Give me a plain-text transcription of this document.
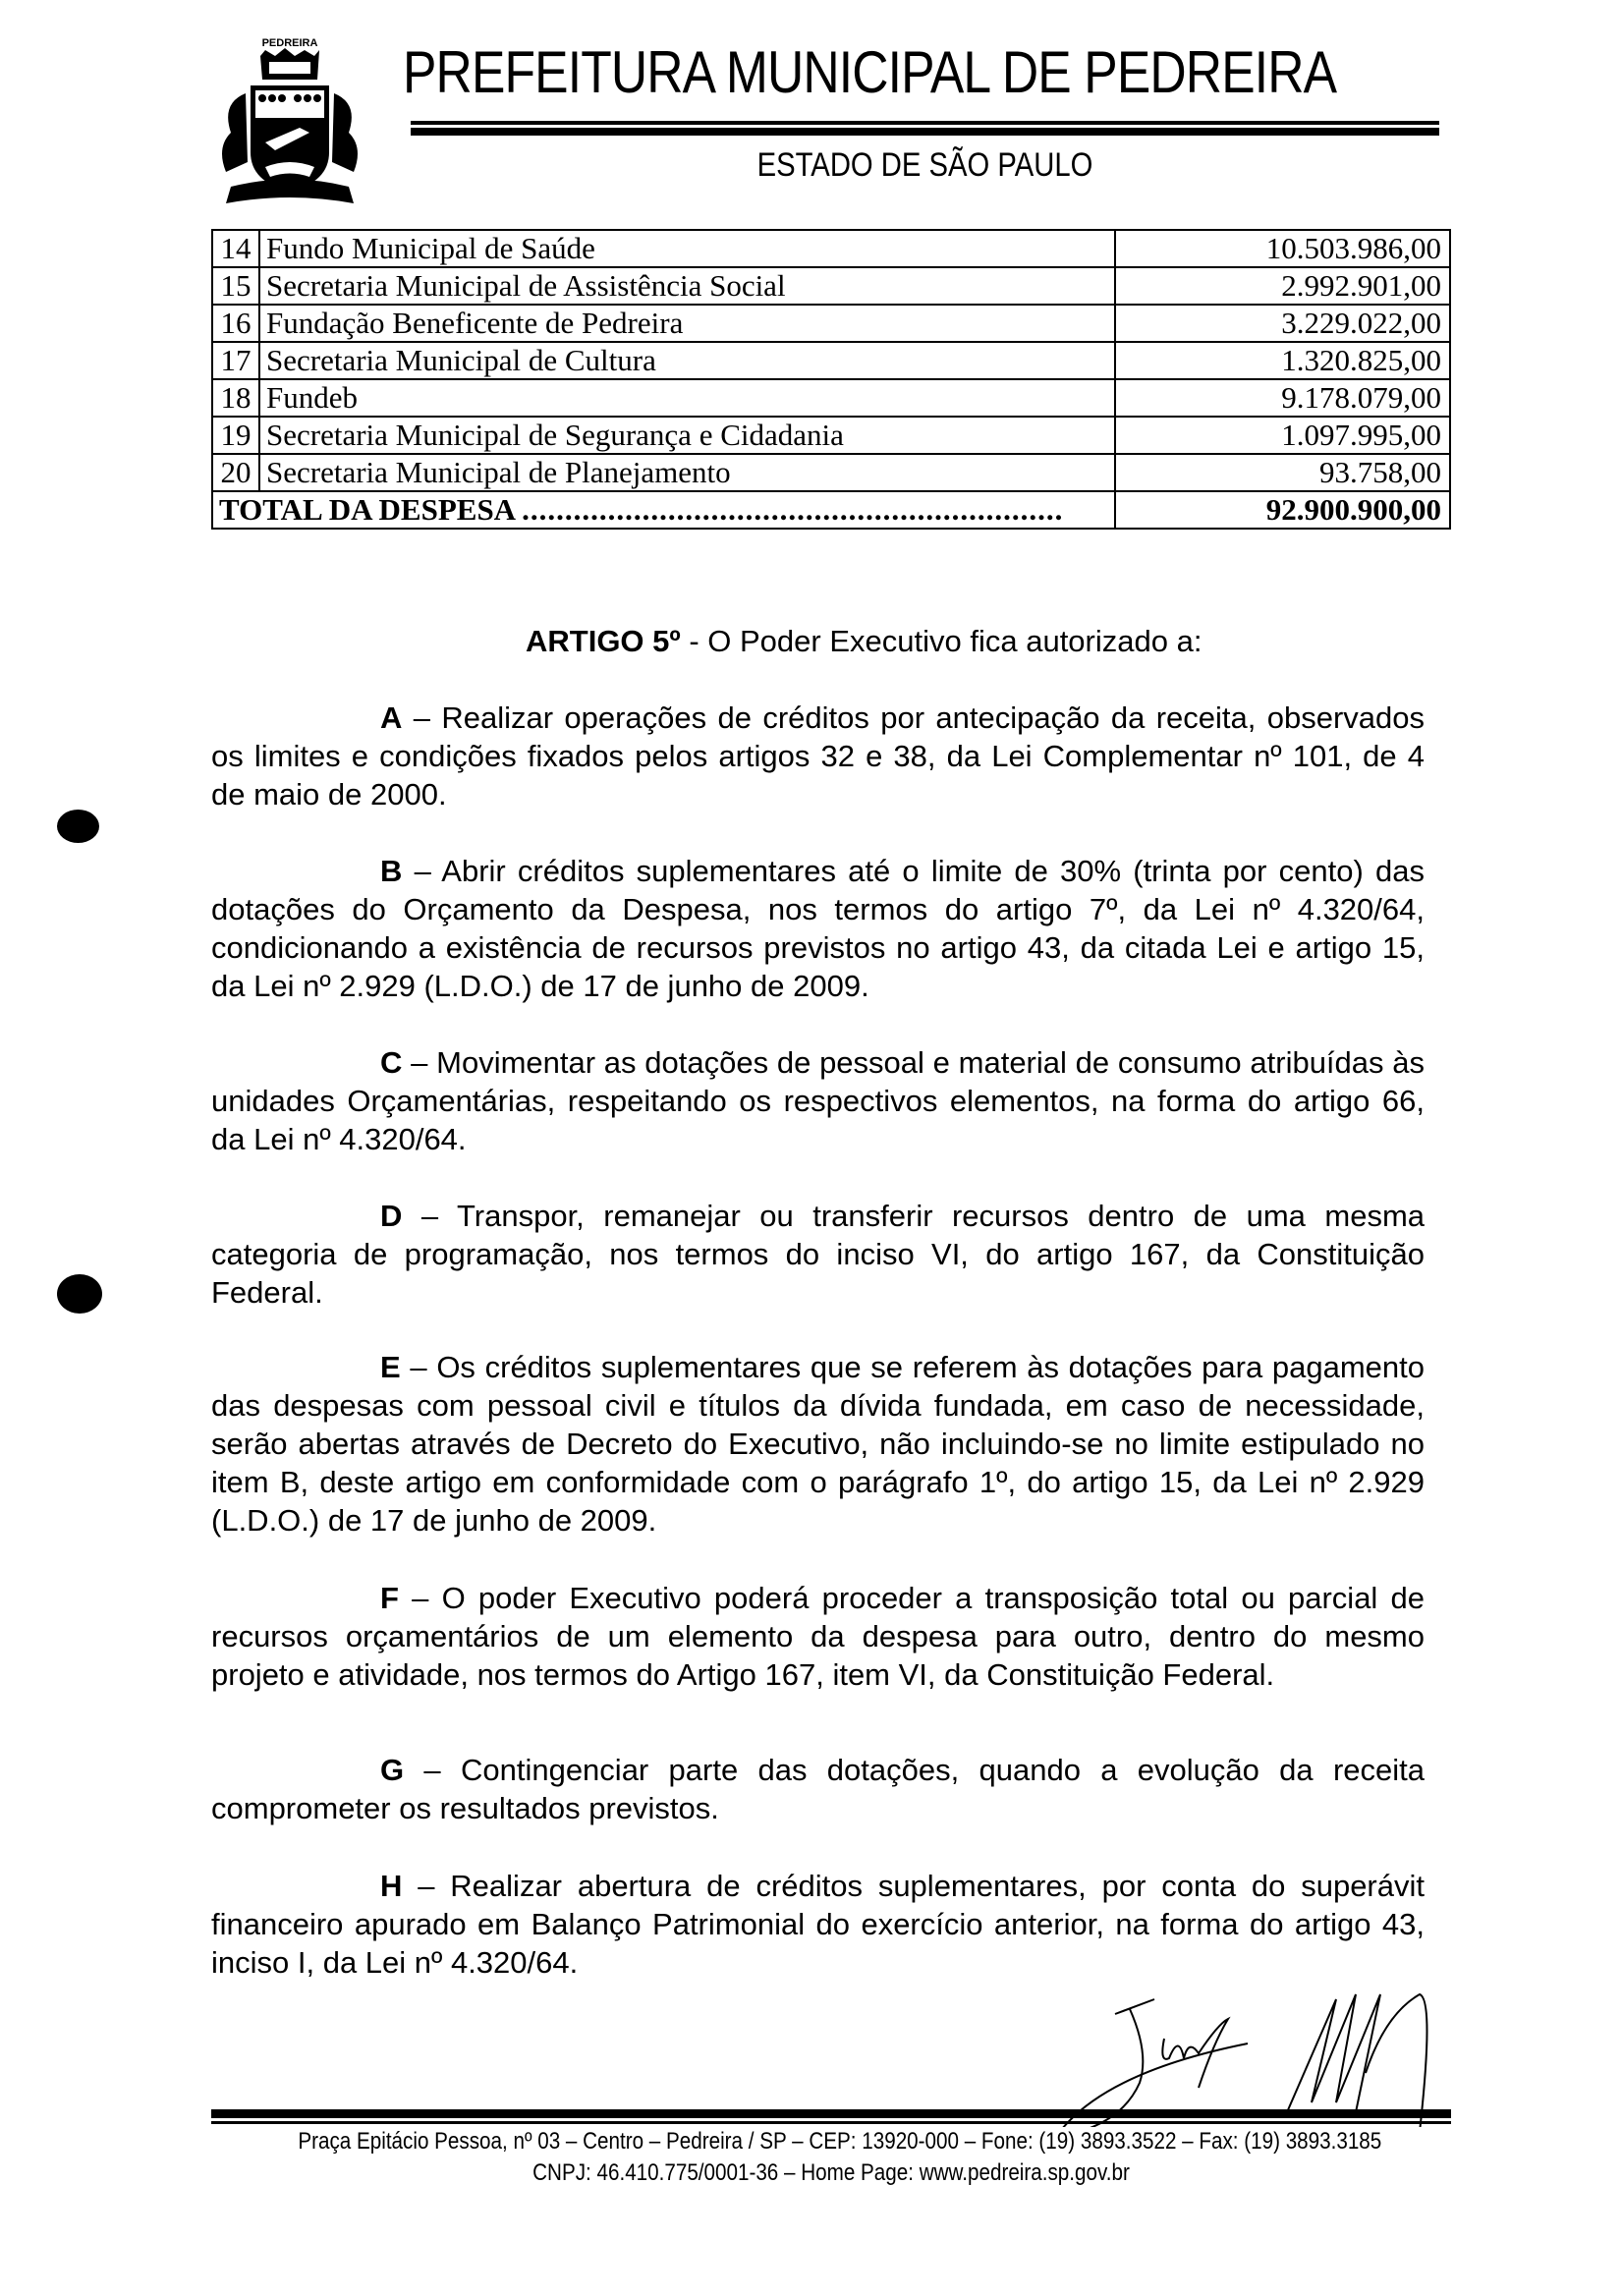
PEDREIRA PREFEITURA MUNICIPAL DE PEDREIRA
ESTADO DE SÃO PAULO
14	Fundo Municipal de Saúde	10.503.986,00
15	Secretaria Municipal de Assistência Social	2.992.901,00
16	Fundação Beneficente de Pedreira	3.229.022,00
17	Secretaria Municipal de Cultura	1.320.825,00
18	Fundeb	9.178.079,00
19	Secretaria Municipal de Segurança e Cidadania	1.097.995,00
20	Secretaria Municipal de Planejamento	93.758,00
TOTAL DA DESPESA ...............................................................		92.900.900,00
ARTIGO 5º - O Poder Executivo fica autorizado a:

A – Realizar operações de créditos por antecipação da receita, observados os limites e condições fixados pelos artigos 32 e 38, da Lei Complementar nº 101, de 4 de maio de 2000.

B – Abrir créditos suplementares até o limite de 30% (trinta por cento) das dotações do Orçamento da Despesa, nos termos do artigo 7º, da Lei nº 4.320/64, condicionando a existência de recursos previstos no artigo 43, da citada Lei e artigo 15, da Lei nº 2.929 (L.D.O.) de 17 de junho de 2009.

C – Movimentar as dotações de pessoal e material de consumo atribuídas às unidades Orçamentárias, respeitando os respectivos elementos, na forma do artigo 66, da Lei nº 4.320/64.

D – Transpor, remanejar ou transferir recursos dentro de uma mesma categoria de programação, nos termos do inciso VI, do artigo 167, da Constituição Federal.

E – Os créditos suplementares que se referem às dotações para pagamento das despesas com pessoal civil e títulos da dívida fundada, em caso de necessidade, serão abertas através de Decreto do Executivo, não incluindo-se no limite estipulado no item B, deste artigo em conformidade com o parágrafo 1º, do artigo 15, da Lei nº 2.929 (L.D.O.) de 17 de junho de 2009.

F – O poder Executivo poderá proceder a transposição total ou parcial de recursos orçamentários de um elemento da despesa para outro, dentro do mesmo projeto e atividade, nos termos do Artigo 167, item VI, da Constituição Federal.

G – Contingenciar parte das dotações, quando a evolução da receita comprometer os resultados previstos.

H – Realizar abertura de créditos suplementares, por conta do superávit financeiro apurado em Balanço Patrimonial do exercício anterior, na forma do artigo 43, inciso I, da Lei nº 4.320/64.

Praça Epitácio Pessoa, nº 03 – Centro – Pedreira / SP – CEP: 13920-000 – Fone: (19) 3893.3522 – Fax: (19) 3893.3185
CNPJ: 46.410.775/0001-36 – Home Page: www.pedreira.sp.gov.br
